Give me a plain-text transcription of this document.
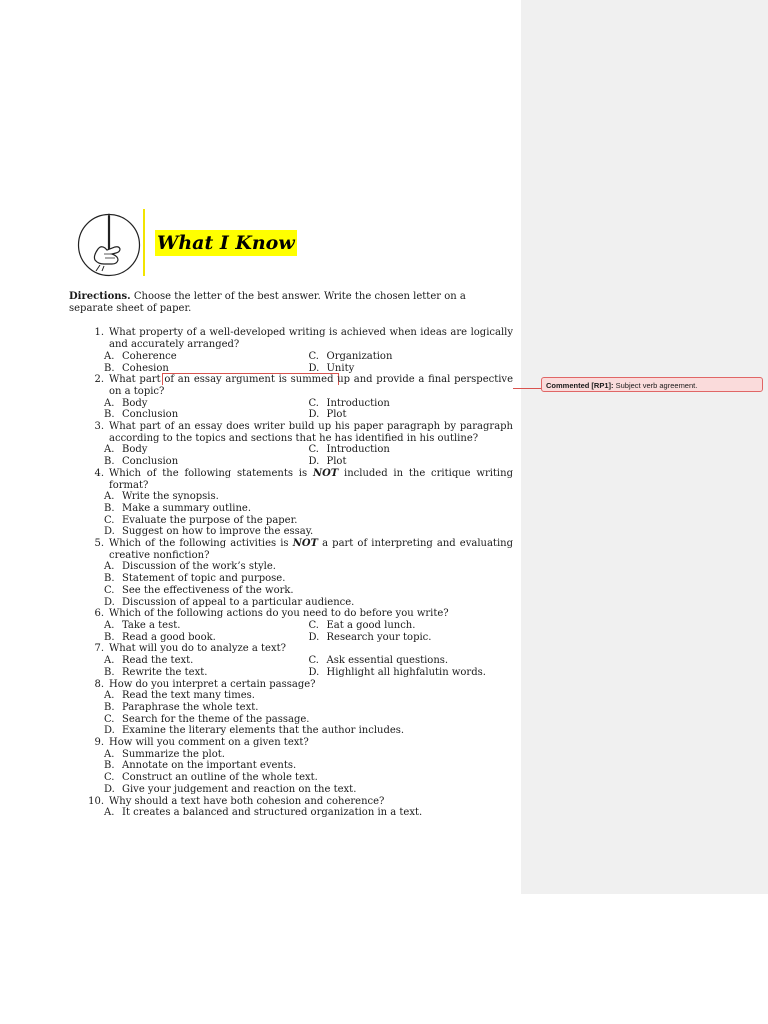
What I Know

Directions. Choose the letter of the best answer. Write the chosen letter on a separate sheet of paper.

1. What property of a well-developed writing is achieved when ideas are logically and accurately arranged?
A. Coherence	C. Organization
B. Cohesion	D. Unity
2. What part of an essay argument is summed up and provide a final perspective on a topic?
A. Body	C. Introduction
B. Conclusion	D. Plot
3. What part of an essay does writer build up his paper paragraph by paragraph according to the topics and sections that he has identified in his outline?
A. Body	C. Introduction
B. Conclusion	D. Plot
4. Which of the following statements is NOT included in the critique writing format?
A. Write the synopsis.
B. Make a summary outline.
C. Evaluate the purpose of the paper.
D. Suggest on how to improve the essay.
5. Which of the following activities is NOT a part of interpreting and evaluating creative nonfiction?
A. Discussion of the work’s style.
B. Statement of topic and purpose.
C. See the effectiveness of the work.
D. Discussion of appeal to a particular audience.
6. Which of the following actions do you need to do before you write?
A. Take a test.	C. Eat a good lunch.
B. Read a good book.	D. Research your topic.
7. What will you do to analyze a text?
A. Read the text.	C. Ask essential questions.
B. Rewrite the text.	D. Highlight all highfalutin words.
8. How do you interpret a certain passage?
A. Read the text many times.
B. Paraphrase the whole text.
C. Search for the theme of the passage.
D. Examine the literary elements that the author includes.
9. How will you comment on a given text?
A. Summarize the plot.
B. Annotate on the important events.
C. Construct an outline of the whole text.
D. Give your judgement and reaction on the text.
10. Why should a text have both cohesion and coherence?
A. It creates a balanced and structured organization in a text.
Commented [RP1]: Subject verb agreement.
